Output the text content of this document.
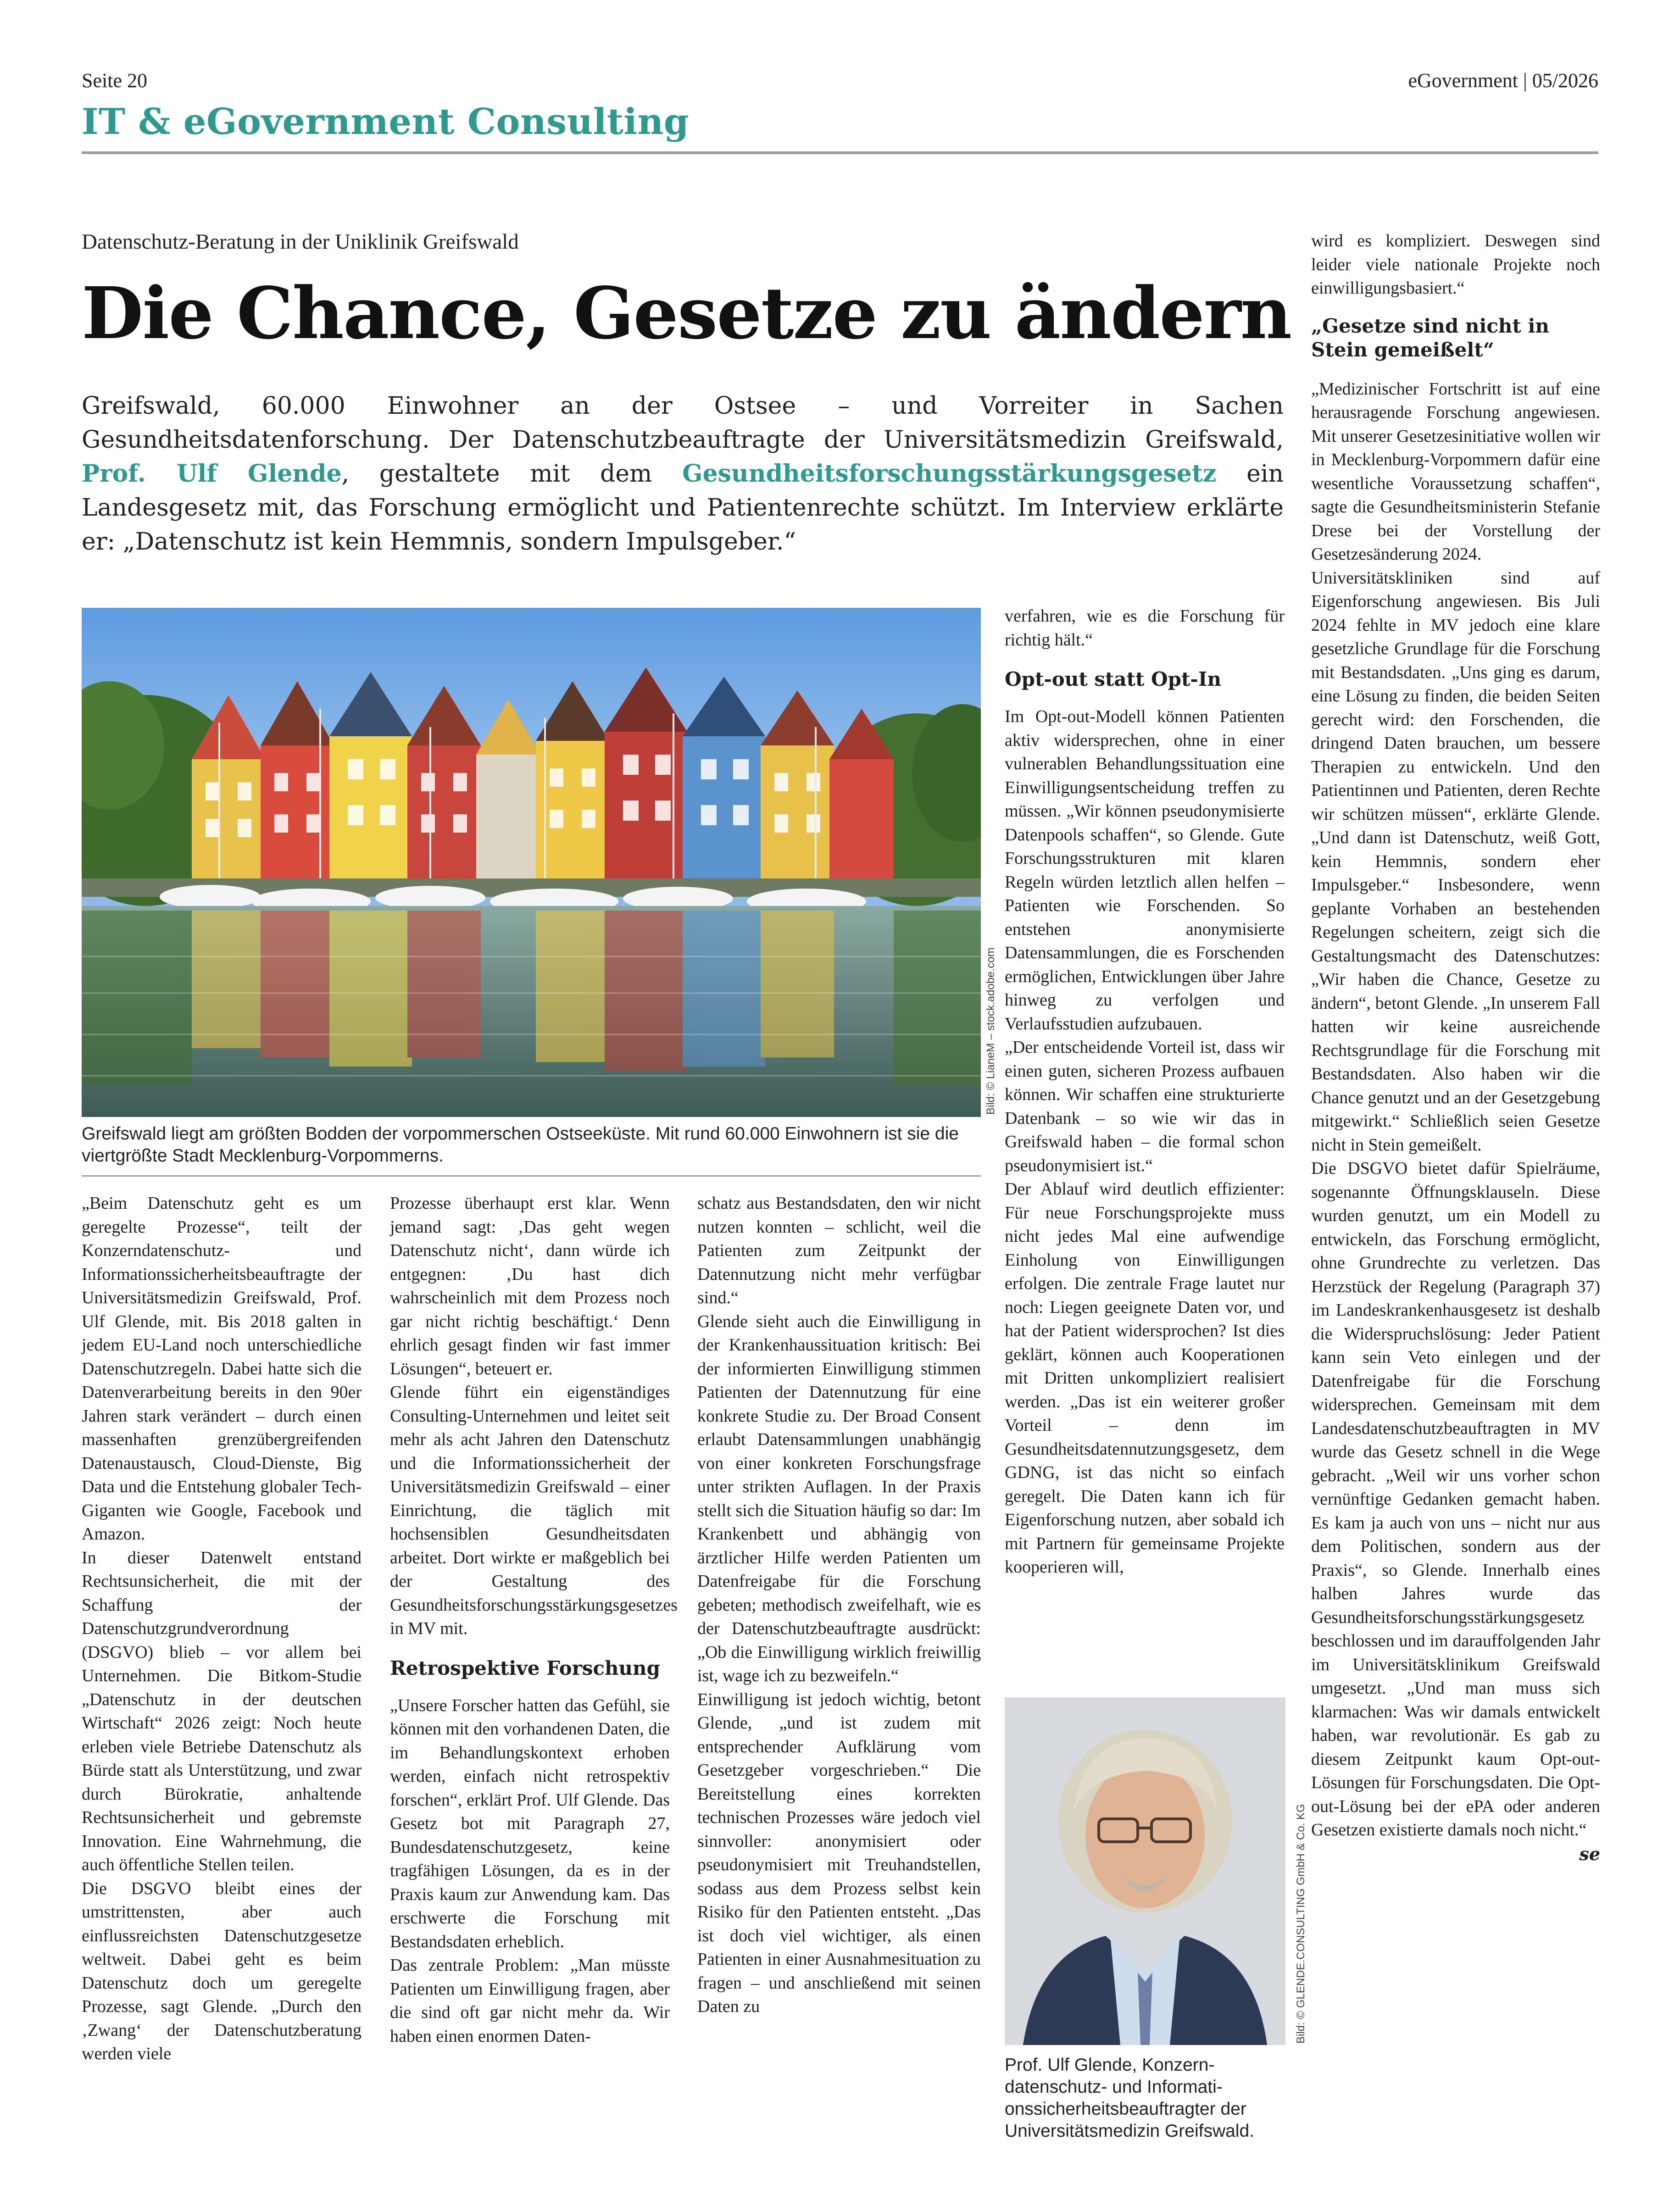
Seite 20	eGovernment | 05/2026
IT & eGovernment Consulting
Datenschutz-Beratung in der Uniklinik Greifswald
Die Chance, Gesetze zu ändern

Greifswald, 60.000 Einwohner an der Ostsee – und Vorreiter in Sachen Gesundheitsdatenforschung. Der Datenschutzbeauftragte der Universitätsmedizin Greifswald, Prof. Ulf Glende, gestaltete mit dem Gesundheitsforschungsstärkungsgesetz ein Landesgesetz mit, das Forschung ermöglicht und Patientenrechte schützt. Im Interview erklärte er: „Datenschutz ist kein Hemmnis, sondern Impulsgeber.“

Bild: © LianeM – stock.adobe.com

Greifswald liegt am größten Bodden der vorpommerschen Ostseeküste. Mit rund 60.000 Einwohnern ist sie die viertgrößte Stadt Mecklenburg-Vorpommerns.

„Beim Datenschutz geht es um geregelte Prozesse“, teilt der Konzerndatenschutz- und Informationssicherheitsbeauftragte der Universitätsmedizin Greifswald, Prof. Ulf Glende, mit. Bis 2018 galten in jedem EU-Land noch unterschiedliche Datenschutzregeln. Dabei hatte sich die Datenverarbeitung bereits in den 90er Jahren stark verändert – durch einen massenhaften grenzübergreifenden Datenaustausch, Cloud-Dienste, Big Data und die Entstehung globaler Tech-Giganten wie Google, Facebook und Amazon.

In dieser Datenwelt entstand Rechtsunsicherheit, die mit der Schaffung der Datenschutzgrundverordnung (DSGVO) blieb – vor allem bei Unternehmen. Die Bitkom-Studie „Datenschutz in der deutschen Wirtschaft“ 2026 zeigt: Noch heute erleben viele Betriebe Datenschutz als Bürde statt als Unterstützung, und zwar durch Bürokratie, anhaltende Rechtsunsicherheit und gebremste Innovation. Eine Wahrnehmung, die auch öffentliche Stellen teilen.

Die DSGVO bleibt eines der umstrittensten, aber auch einflussreichsten Datenschutzgesetze weltweit. Dabei geht es beim Datenschutz doch um geregelte Prozesse, sagt Glende. „Durch den ‚Zwang‘ der Datenschutzberatung werden viele

Prozesse überhaupt erst klar. Wenn jemand sagt: ‚Das geht wegen Datenschutz nicht‘, dann würde ich entgegnen: ‚Du hast dich wahrscheinlich mit dem Prozess noch gar nicht richtig beschäftigt.‘ Denn ehrlich gesagt finden wir fast immer Lösungen“, beteuert er.

Glende führt ein eigenständiges Consulting-Unternehmen und leitet seit mehr als acht Jahren den Datenschutz und die Informationssicherheit der Universitätsmedizin Greifswald – einer Einrichtung, die täglich mit hochsensiblen Gesundheitsdaten arbeitet. Dort wirkte er maßgeblich bei der Gestaltung des Gesundheitsforschungsstärkungsgesetzes in MV mit.

Retrospektive Forschung

„Unsere Forscher hatten das Gefühl, sie können mit den vorhandenen Daten, die im Behandlungskontext erhoben werden, einfach nicht retrospektiv forschen“, erklärt Prof. Ulf Glende. Das Gesetz bot mit Paragraph 27, Bundesdatenschutzgesetz, keine tragfähigen Lösungen, da es in der Praxis kaum zur Anwendung kam. Das erschwerte die Forschung mit Bestandsdaten erheblich.

Das zentrale Problem: „Man müsste Patienten um Einwilligung fragen, aber die sind oft gar nicht mehr da. Wir haben einen enormen Daten-

schatz aus Bestandsdaten, den wir nicht nutzen konnten – schlicht, weil die Patienten zum Zeitpunkt der Datennutzung nicht mehr verfügbar sind.“

Glende sieht auch die Einwilligung in der Krankenhaussituation kritisch: Bei der informierten Einwilligung stimmen Patienten der Datennutzung für eine konkrete Studie zu. Der Broad Consent erlaubt Datensammlungen unabhängig von einer konkreten Forschungsfrage unter strikten Auflagen. In der Praxis stellt sich die Situation häufig so dar: Im Krankenbett und abhängig von ärztlicher Hilfe werden Patienten um Datenfreigabe für die Forschung gebeten; methodisch zweifelhaft, wie es der Datenschutzbeauftragte ausdrückt: „Ob die Einwilligung wirklich freiwillig ist, wage ich zu bezweifeln.“

Einwilligung ist jedoch wichtig, betont Glende, „und ist zudem mit entsprechender Aufklärung vom Gesetzgeber vorgeschrieben.“ Die Bereitstellung eines korrekten technischen Prozesses wäre jedoch viel sinnvoller: anonymisiert oder pseudonymisiert mit Treuhandstellen, sodass aus dem Prozess selbst kein Risiko für den Patienten entsteht. „Das ist doch viel wichtiger, als einen Patienten in einer Ausnahmesituation zu fragen – und anschließend mit seinen Daten zu

verfahren, wie es die Forschung für richtig hält.“

Opt-out statt Opt-In

Im Opt-out-Modell können Patienten aktiv widersprechen, ohne in einer vulnerablen Behandlungssituation eine Einwilligungsentscheidung treffen zu müssen. „Wir können pseudonymisierte Datenpools schaffen“, so Glende. Gute Forschungsstrukturen mit klaren Regeln würden letztlich allen helfen – Patienten wie Forschenden. So entstehen anonymisierte Datensammlungen, die es Forschenden ermöglichen, Entwicklungen über Jahre hinweg zu verfolgen und Verlaufsstudien aufzubauen.

„Der entscheidende Vorteil ist, dass wir einen guten, sicheren Prozess aufbauen können. Wir schaffen eine strukturierte Datenbank – so wie wir das in Greifswald haben – die formal schon pseudonymisiert ist.“

Der Ablauf wird deutlich effizienter: Für neue Forschungsprojekte muss nicht jedes Mal eine aufwendige Einholung von Einwilligungen erfolgen. Die zentrale Frage lautet nur noch: Liegen geeignete Daten vor, und hat der Patient widersprochen? Ist dies geklärt, können auch Kooperationen mit Dritten unkompliziert realisiert werden. „Das ist ein weiterer großer Vorteil – denn im Gesundheitsdatennutzungsgesetz, dem GDNG, ist das nicht so einfach geregelt. Die Daten kann ich für Eigenforschung nutzen, aber sobald ich mit Partnern für gemeinsame Projekte kooperieren will,

Bild: © GLENDE.CONSULTING GmbH & Co. KG

Prof. Ulf Glende, Konzerndatenschutz- und Informationssicherheitsbeauftragter der Universitätsmedizin Greifswald.

wird es kompliziert. Deswegen sind leider viele nationale Projekte noch einwilligungsbasiert.“

„Gesetze sind nicht in Stein gemeißelt“

„Medizinischer Fortschritt ist auf eine herausragende Forschung angewiesen. Mit unserer Gesetzesinitiative wollen wir in Mecklenburg-Vorpommern dafür eine wesentliche Voraussetzung schaffen“, sagte die Gesundheitsministerin Stefanie Drese bei der Vorstellung der Gesetzesänderung 2024.

Universitätskliniken sind auf Eigenforschung angewiesen. Bis Juli 2024 fehlte in MV jedoch eine klare gesetzliche Grundlage für die Forschung mit Bestandsdaten. „Uns ging es darum, eine Lösung zu finden, die beiden Seiten gerecht wird: den Forschenden, die dringend Daten brauchen, um bessere Therapien zu entwickeln. Und den Patientinnen und Patienten, deren Rechte wir schützen müssen“, erklärte Glende. „Und dann ist Datenschutz, weiß Gott, kein Hemmnis, sondern eher Impulsgeber.“ Insbesondere, wenn geplante Vorhaben an bestehenden Regelungen scheitern, zeigt sich die Gestaltungsmacht des Datenschutzes: „Wir haben die Chance, Gesetze zu ändern“, betont Glende. „In unserem Fall hatten wir keine ausreichende Rechtsgrundlage für die Forschung mit Bestandsdaten. Also haben wir die Chance genutzt und an der Gesetzgebung mitgewirkt.“ Schließlich seien Gesetze nicht in Stein gemeißelt.

Die DSGVO bietet dafür Spielräume, sogenannte Öffnungsklauseln. Diese wurden genutzt, um ein Modell zu entwickeln, das Forschung ermöglicht, ohne Grundrechte zu verletzen. Das Herzstück der Regelung (Paragraph 37) im Landeskrankenhausgesetz ist deshalb die Widerspruchslösung: Jeder Patient kann sein Veto einlegen und der Datenfreigabe für die Forschung widersprechen. Gemeinsam mit dem Landesdatenschutzbeauftragten in MV wurde das Gesetz schnell in die Wege gebracht. „Weil wir uns vorher schon vernünftige Gedanken gemacht haben. Es kam ja auch von uns – nicht nur aus dem Politischen, sondern aus der Praxis“, so Glende. Innerhalb eines halben Jahres wurde das Gesundheitsforschungsstärkungsgesetz beschlossen und im darauffolgenden Jahr im Universitätsklinikum Greifswald umgesetzt. „Und man muss sich klarmachen: Was wir damals entwickelt haben, war revolutionär. Es gab zu diesem Zeitpunkt kaum Opt-out-Lösungen für Forschungsdaten. Die Opt-out-Lösung bei der ePA oder anderen Gesetzen existierte damals noch nicht.“
se
